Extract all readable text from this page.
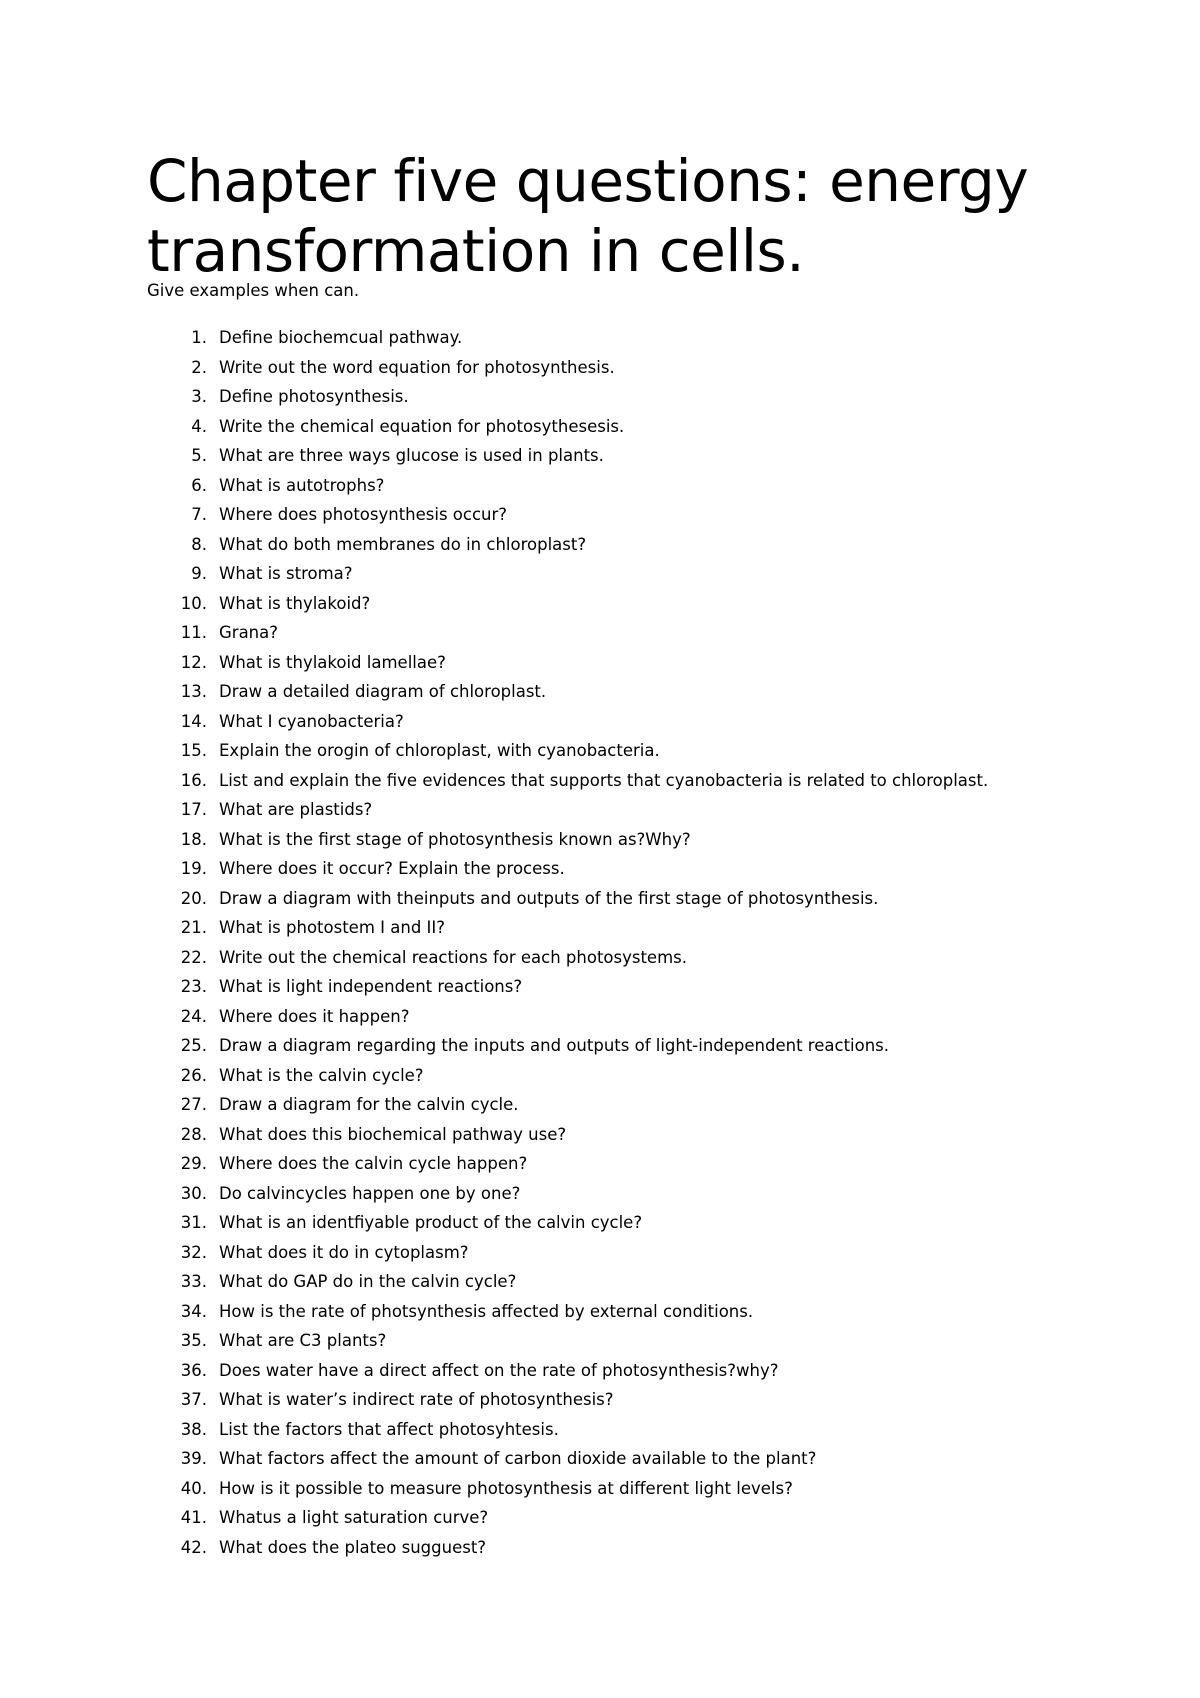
Chapter five questions: energy transformation in cells.

Give examples when can.

1. Define biochemcual pathway.
2. Write out the word equation for photosynthesis.
3. Define photosynthesis.
4. Write the chemical equation for photosythesesis.
5. What are three ways glucose is used in plants.
6. What is autotrophs?
7. Where does photosynthesis occur?
8. What do both membranes do in chloroplast?
9. What is stroma?
10. What is thylakoid?
11. Grana?
12. What is thylakoid lamellae?
13. Draw a detailed diagram of chloroplast.
14. What I cyanobacteria?
15. Explain the orogin of chloroplast, with cyanobacteria.
16. List and explain the five evidences that supports that cyanobacteria is related to chloroplast.
17. What are plastids?
18. What is the first stage of photosynthesis known as?Why?
19. Where does it occur? Explain the process.
20. Draw a diagram with theinputs and outputs of the first stage of photosynthesis.
21. What is photostem I and II?
22. Write out the chemical reactions for each photosystems.
23. What is light independent reactions?
24. Where does it happen?
25. Draw a diagram regarding the inputs and outputs of light-independent reactions.
26. What is the calvin cycle?
27. Draw a diagram for the calvin cycle.
28. What does this biochemical pathway use?
29. Where does the calvin cycle happen?
30. Do calvincycles happen one by one?
31. What is an identfiyable product of the calvin cycle?
32. What does it do in cytoplasm?
33. What do GAP do in the calvin cycle?
34. How is the rate of photsynthesis affected by external conditions.
35. What are C3 plants?
36. Does water have a direct affect on the rate of photosynthesis?why?
37. What is water’s indirect rate of photosynthesis?
38. List the factors that affect photosyhtesis.
39. What factors affect the amount of carbon dioxide available to the plant?
40. How is it possible to measure photosynthesis at different light levels?
41. Whatus a light saturation curve?
42. What does the plateo sugguest?
